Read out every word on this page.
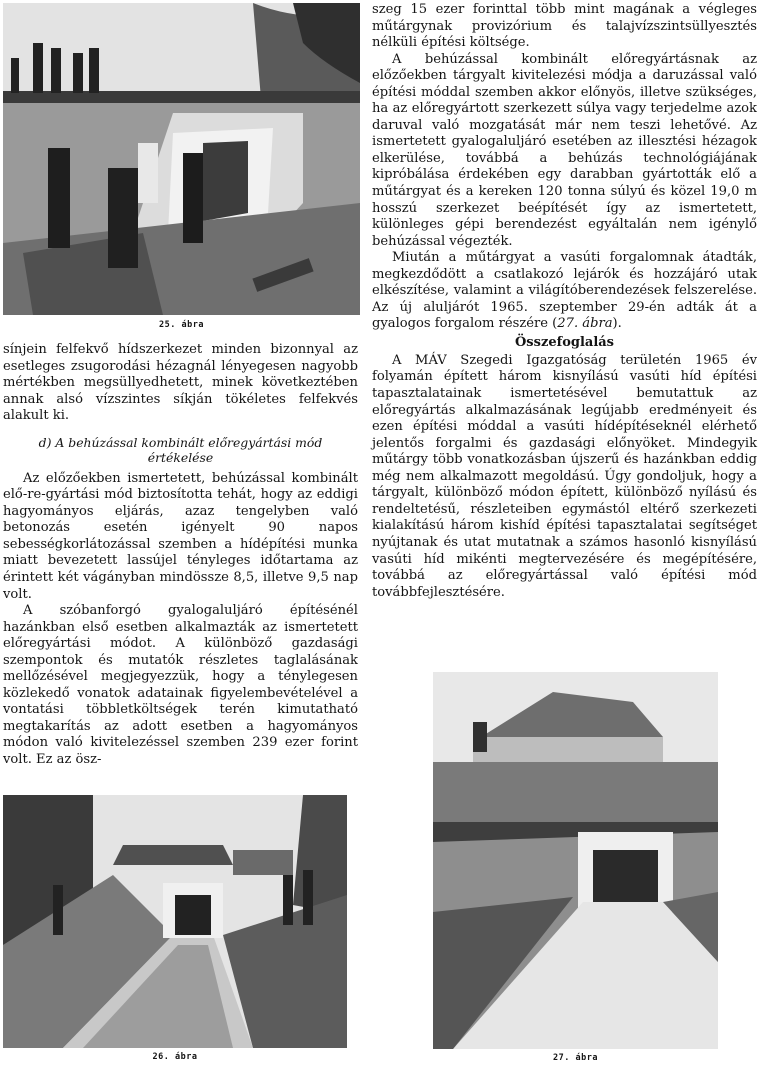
25. ábra

sínjein felfekvő hídszerkezet minden bizonnyal az esetleges zsugorodási hézagnál lényegesen nagyobb mértékben megsüllyedhetett, minek következtében annak alsó vízszintes síkján tökéletes felfekvés alakult ki.

d) A behúzással kombinált előregyártási mód értékelése

Az előzőekben ismertetett, behúzással kombinált elő-re-gyártási mód biztosította tehát, hogy az eddigi hagyományos eljárás, azaz tengelyben való betonozás esetén igényelt 90 napos sebességkorlátozással szemben a hídépítési munka miatt bevezetett lassújel tényleges időtartama az érintett két vágányban mindössze 8,5, illetve 9,5 nap volt.

A szóbanforgó gyalogaluljáró építésénél hazánkban első esetben alkalmazták az ismertetett előregyártási módot. A különböző gazdasági szempontok és mutatók részletes taglalásának mellőzésével megjegyezzük, hogy a ténylegesen közlekedő vonatok adatainak figyelembevételével a vontatási többletköltségek terén kimutatható megtakarítás az adott esetben a hagyományos módon való kivitelezéssel szemben 239 ezer forint volt. Ez az ösz-

26. ábra

szeg 15 ezer forinttal több mint magának a végleges műtárgynak provizórium és talajvízszintsüllyesztés nélküli építési költsége.

A behúzással kombinált előregyártásnak az előzőekben tárgyalt kivitelezési módja a daruzással való építési móddal szemben akkor előnyös, illetve szükséges, ha az előregyártott szerkezett súlya vagy terjedelme azok daruval való mozgatását már nem teszi lehetővé. Az ismertetett gyalogaluljáró esetében az illesztési hézagok elkerülése, továbbá a behúzás technológiájának kipróbálása érdekében egy darabban gyártották elő a műtárgyat és a kereken 120 tonna súlyú és közel 19,0 m hosszú szerkezet beépítését így az ismertetett, különleges gépi berendezést egyáltalán nem igénylő behúzással végezték.

Miután a műtárgyat a vasúti forgalomnak átadták, megkezdődött a csatlakozó lejárók és hozzájáró utak elkészítése, valamint a világítóberendezések felszerelése. Az új aluljárót 1965. szeptember 29-én adták át a gyalogos forgalom részére (27. ábra).

Összefoglalás

A MÁV Szegedi Igazgatóság területén 1965 év folyamán épített három kisnyílású vasúti híd építési tapasztalatainak ismertetésével bemutattuk az előregyártás alkalmazásának legújabb eredményeit és ezen építési móddal a vasúti hídépítéseknél elérhető jelentős forgalmi és gazdasági előnyöket. Mindegyik műtárgy több vonatkozásban újszerű és hazánkban eddig még nem alkalmazott megoldású. Úgy gondoljuk, hogy a tárgyalt, különböző módon épített, különböző nyílású és rendeltetésű, részleteiben egymástól eltérő szerkezeti kialakítású három kishíd építési tapasztalatai segítséget nyújtanak és utat mutatnak a számos hasonló kisnyílású vasúti híd mikénti megtervezésére és megépítésére, továbbá az előregyártással való építési mód továbbfejlesztésére.

27. ábra
